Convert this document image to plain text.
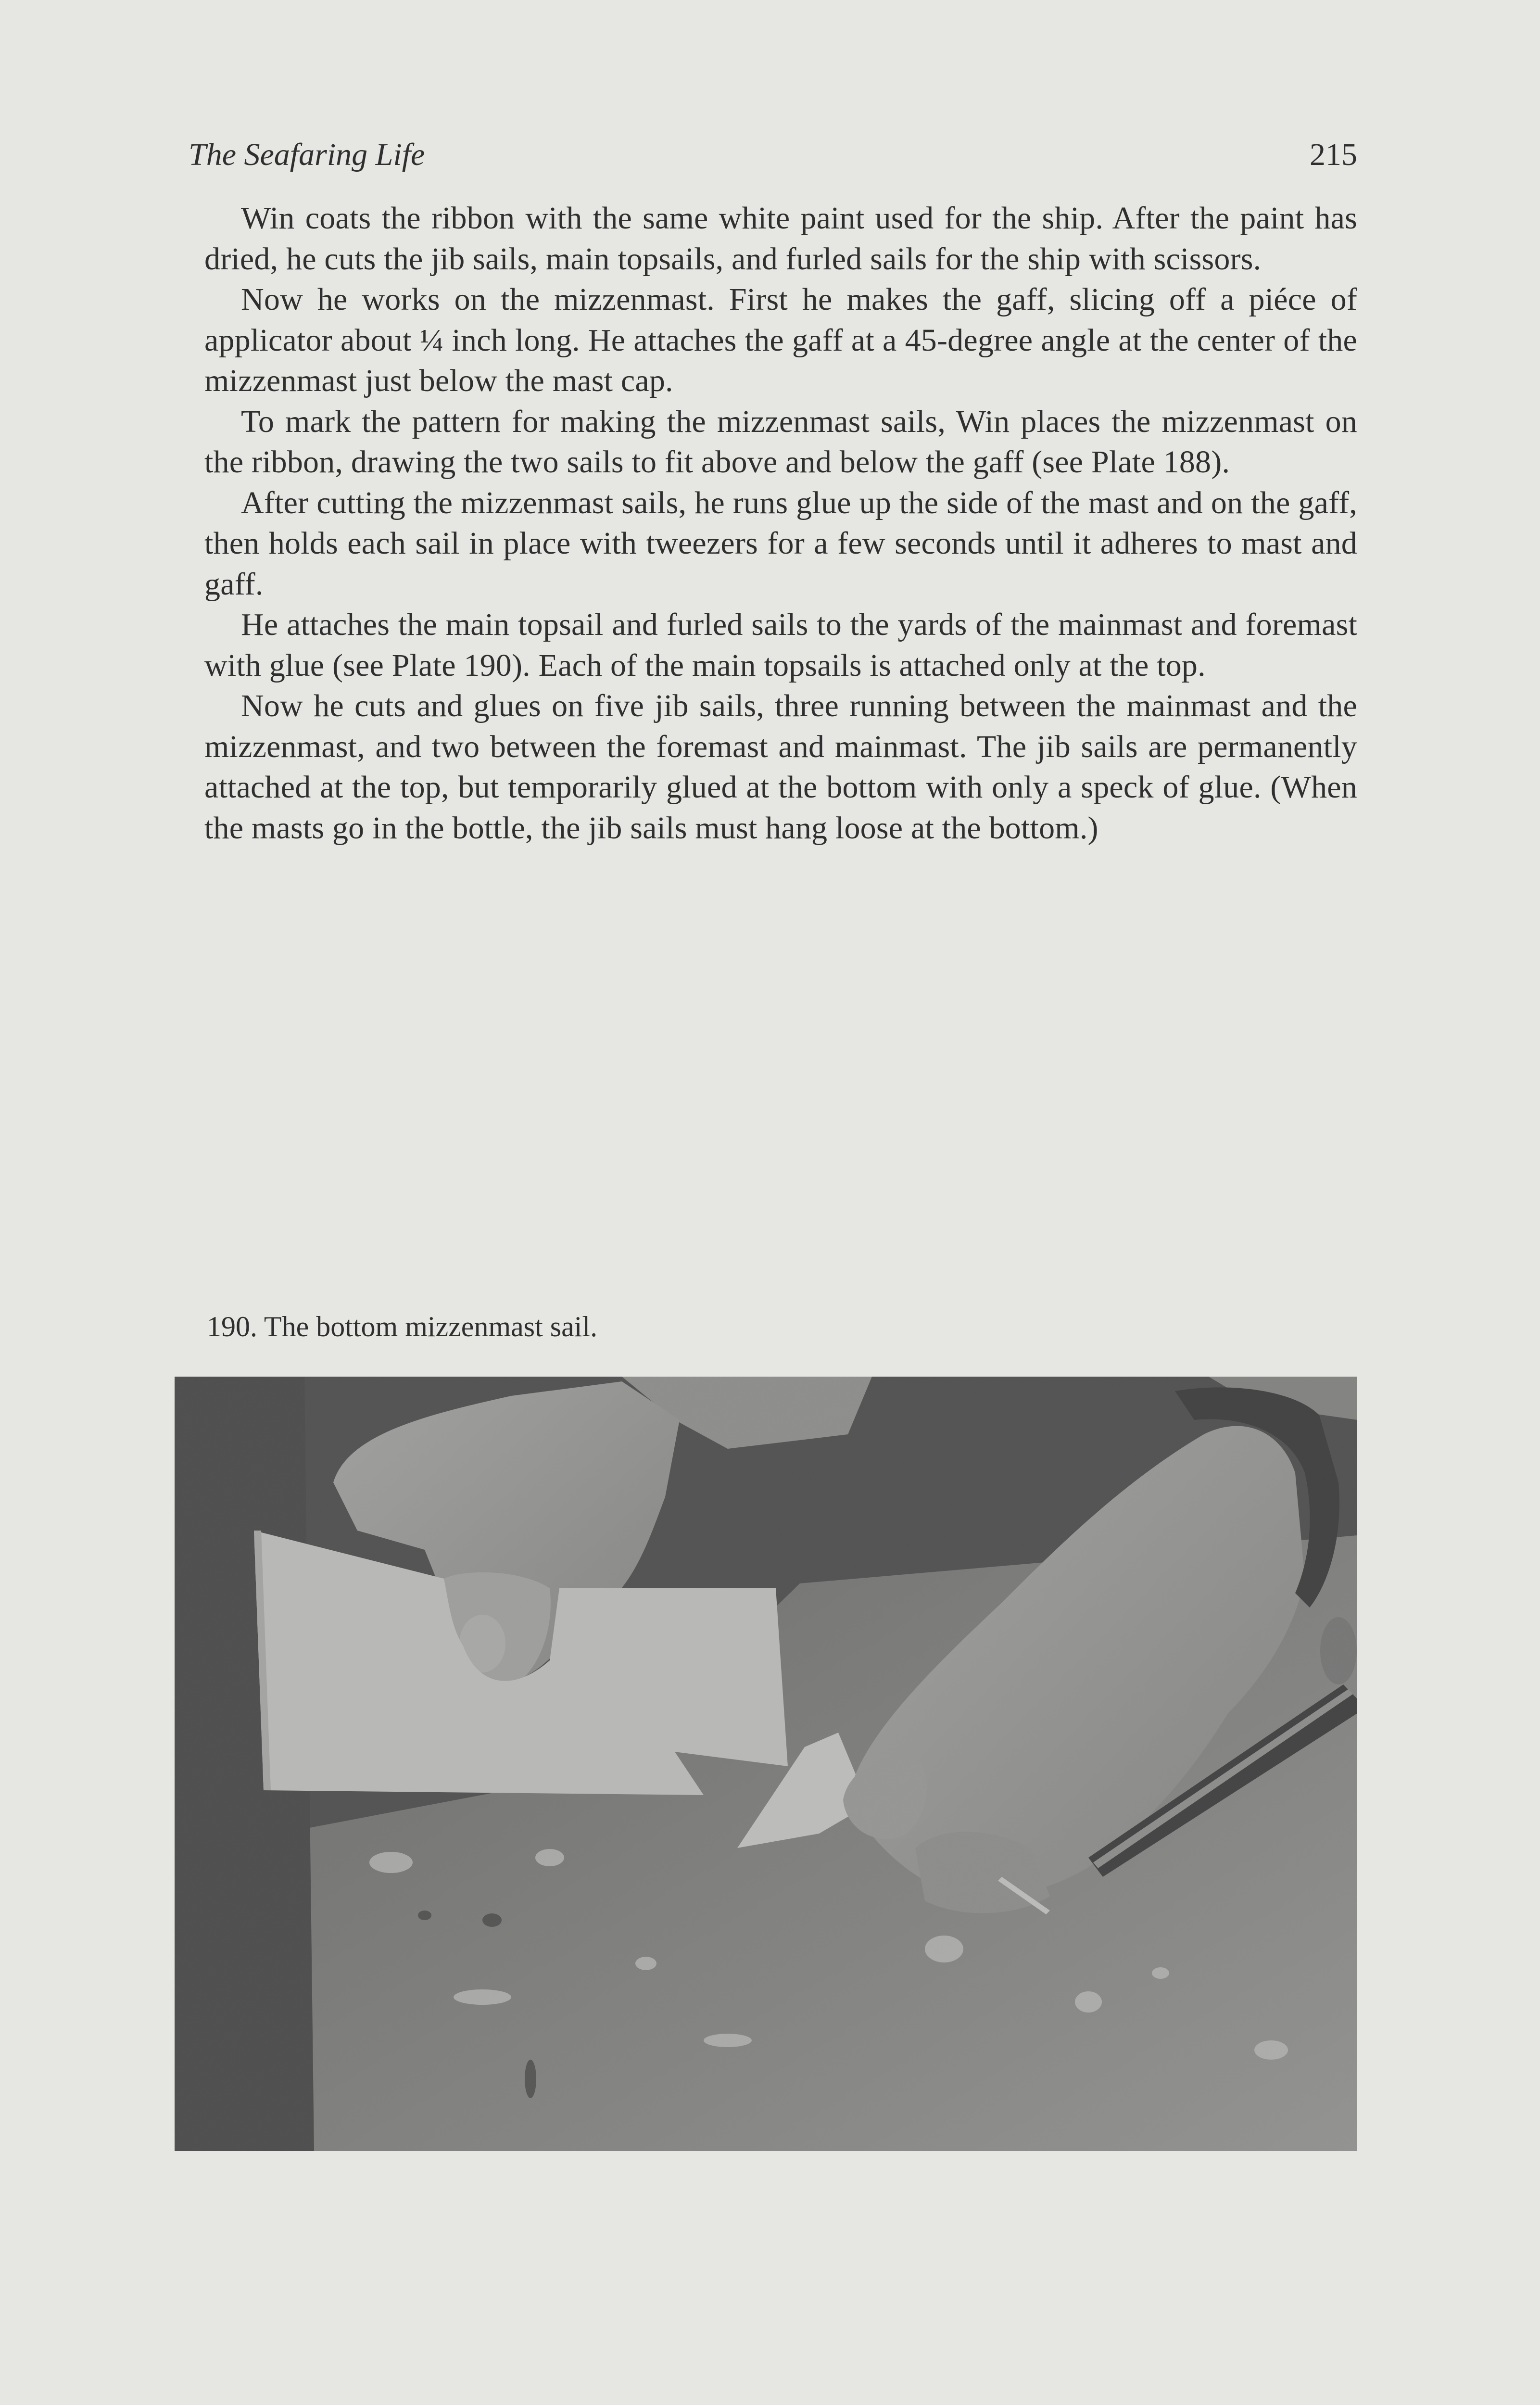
The Seafaring Life	215

Win coats the ribbon with the same white paint used for the ship. After the paint has dried, he cuts the jib sails, main topsails, and furled sails for the ship with scissors.

Now he works on the mizzenmast. First he makes the gaff, slicing off a piéce of applicator about ¼ inch long. He attaches the gaff at a 45-degree angle at the center of the mizzenmast just below the mast cap.

To mark the pattern for making the mizzenmast sails, Win places the mizzenmast on the ribbon, drawing the two sails to fit above and below the gaff (see Plate 188).

After cutting the mizzenmast sails, he runs glue up the side of the mast and on the gaff, then holds each sail in place with tweezers for a few seconds until it adheres to mast and gaff.

He attaches the main topsail and furled sails to the yards of the mainmast and foremast with glue (see Plate 190). Each of the main topsails is attached only at the top.

Now he cuts and glues on five jib sails, three running between the mainmast and the mizzenmast, and two between the foremast and mainmast. The jib sails are permanently attached at the top, but temporarily glued at the bottom with only a speck of glue. (When the masts go in the bottle, the jib sails must hang loose at the bottom.)

190. The bottom mizzenmast sail.
